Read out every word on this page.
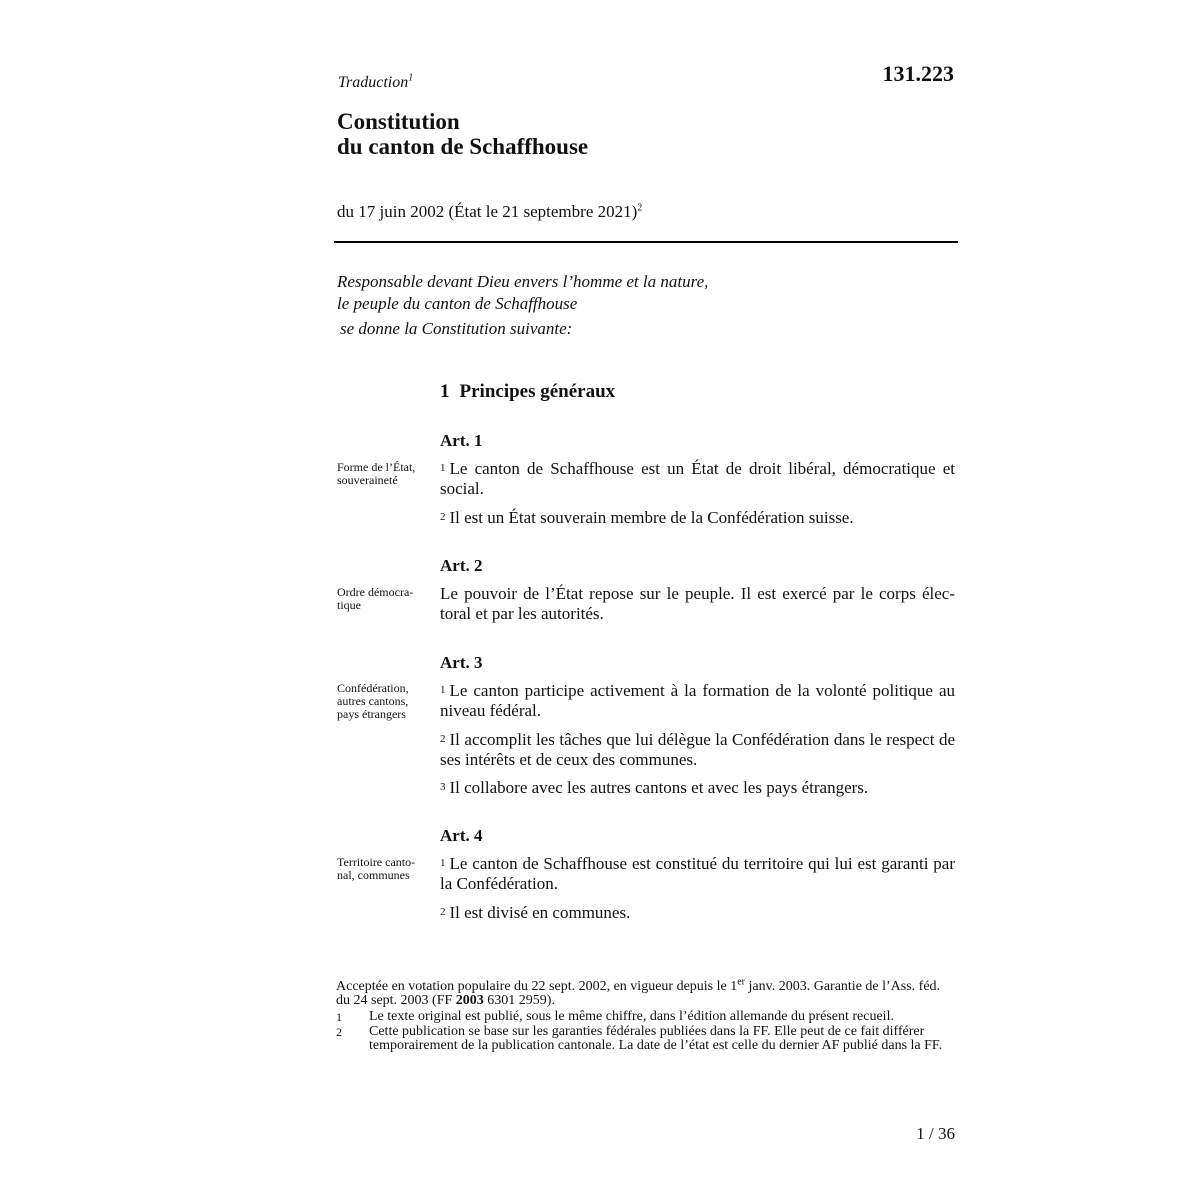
Traduction$^1$	131.223
Constitution
du canton de Schaffhouse
du 17 juin 2002 (État le 21 septembre 2021)$^2$
Responsable devant Dieu envers l’homme et la nature,
le peuple du canton de Schaffhouse
se donne la Constitution suivante:
1 Principes généraux
Art. 1
Forme de l’État,
souveraineté
$^1$ Le canton de Schaffhouse est un État de droit libéral, démocratique et social.
$^2$ Il est un État souverain membre de la Confédération suisse.
Art. 2
Ordre démocra-
tique
Le pouvoir de l’État repose sur le peuple. Il est exercé par le corps élec-toral et par les autorités.
Art. 3
Confédération,
autres cantons,
pays étrangers
$^1$ Le canton participe activement à la formation de la volonté politique au niveau fédéral.
$^2$ Il accomplit les tâches que lui délègue la Confédération dans le respect de ses intérêts et de ceux des communes.
$^3$ Il collabore avec les autres cantons et avec les pays étrangers.
Art. 4
Territoire canto-
nal, communes
$^1$ Le canton de Schaffhouse est constitué du territoire qui lui est garanti par la Confédération.
$^2$ Il est divisé en communes.
Acceptée en votation populaire du 22 sept. 2002, en vigueur depuis le 1er janv. 2003. Garantie de l’Ass. féd. du 24 sept. 2003 (FF 2003 6301 2959).
1	Le texte original est publié, sous le même chiffre, dans l’édition allemande du présent recueil.
2	Cette publication se base sur les garanties fédérales publiées dans la FF. Elle peut de ce fait différer temporairement de la publication cantonale. La date de l’état est celle du dernier AF publié dans la FF.
1 / 36
